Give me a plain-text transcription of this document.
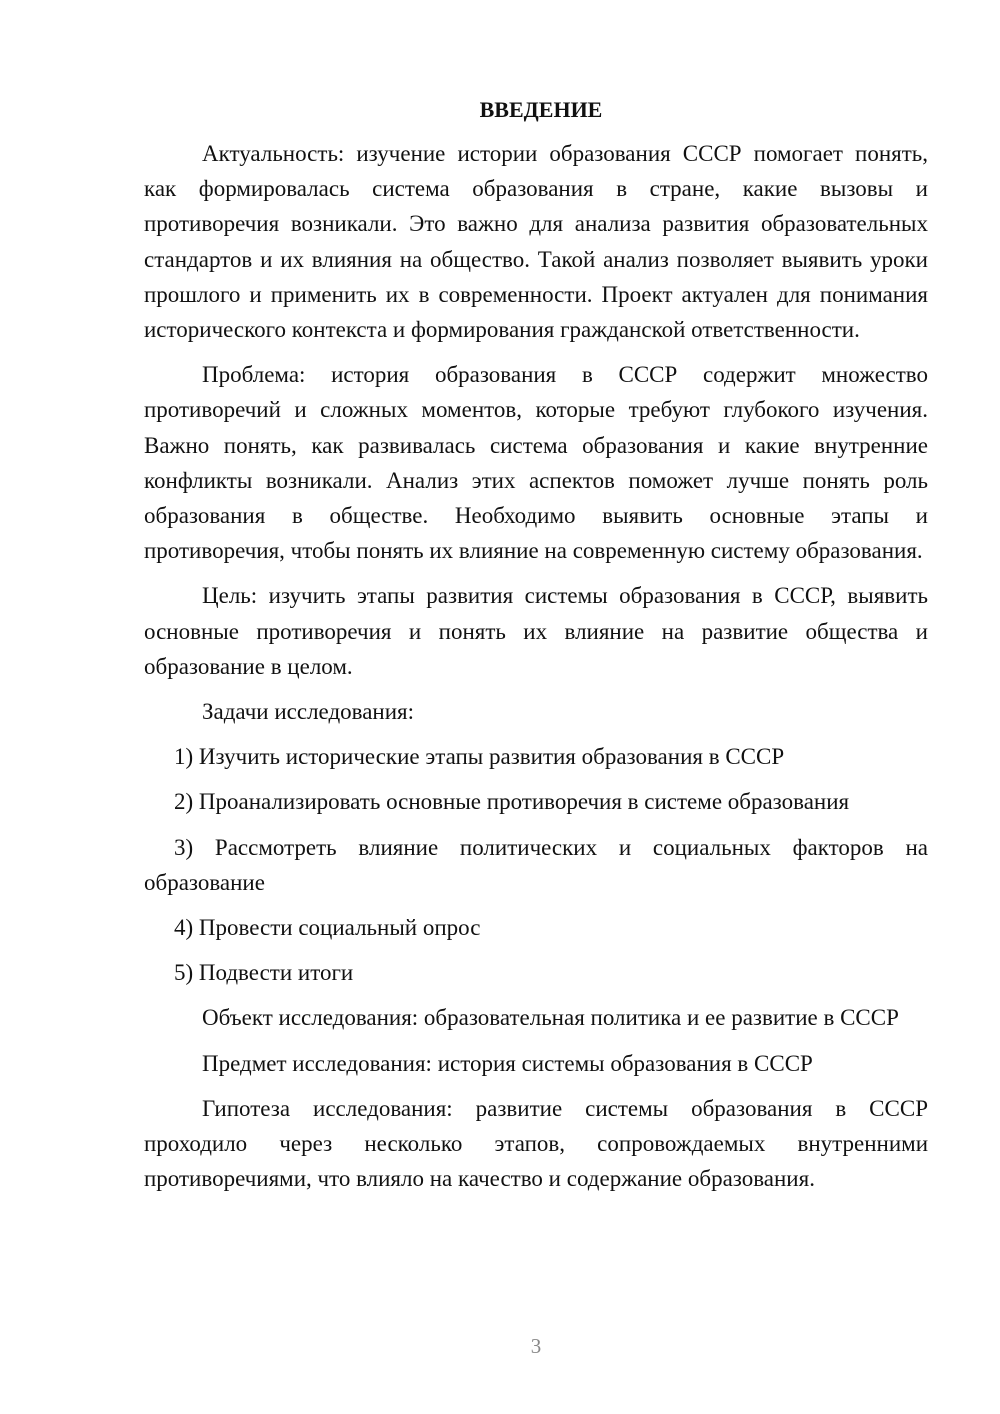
ВВЕДЕНИЕ

Актуальность: изучение истории образования СССР помогает понять, как формировалась система образования в стране, какие вызовы и противоречия возникали. Это важно для анализа развития образовательных стандартов и их влияния на общество. Такой анализ позволяет выявить уроки прошлого и применить их в современности. Проект актуален для понимания исторического контекста и формирования гражданской ответственности.

Проблема: история образования в СССР содержит множество противоречий и сложных моментов, которые требуют глубокого изучения. Важно понять, как развивалась система образования и какие внутренние конфликты возникали. Анализ этих аспектов поможет лучше понять роль образования в обществе. Необходимо выявить основные этапы и противоречия, чтобы понять их влияние на современную систему образования.

Цель: изучить этапы развития системы образования в СССР, выявить основные противоречия и понять их влияние на развитие общества и образование в целом.

Задачи исследования:

1) Изучить исторические этапы развития образования в СССР

2) Проанализировать основные противоречия в системе образования

3) Рассмотреть влияние политических и социальных факторов на образование

4) Провести социальный опрос

5) Подвести итоги

Объект исследования: образовательная политика и ее развитие в СССР

Предмет исследования: история системы образования в СССР

Гипотеза исследования: развитие системы образования в СССР проходило через несколько этапов, сопровождаемых внутренними противоречиями, что влияло на качество и содержание образования.

3
